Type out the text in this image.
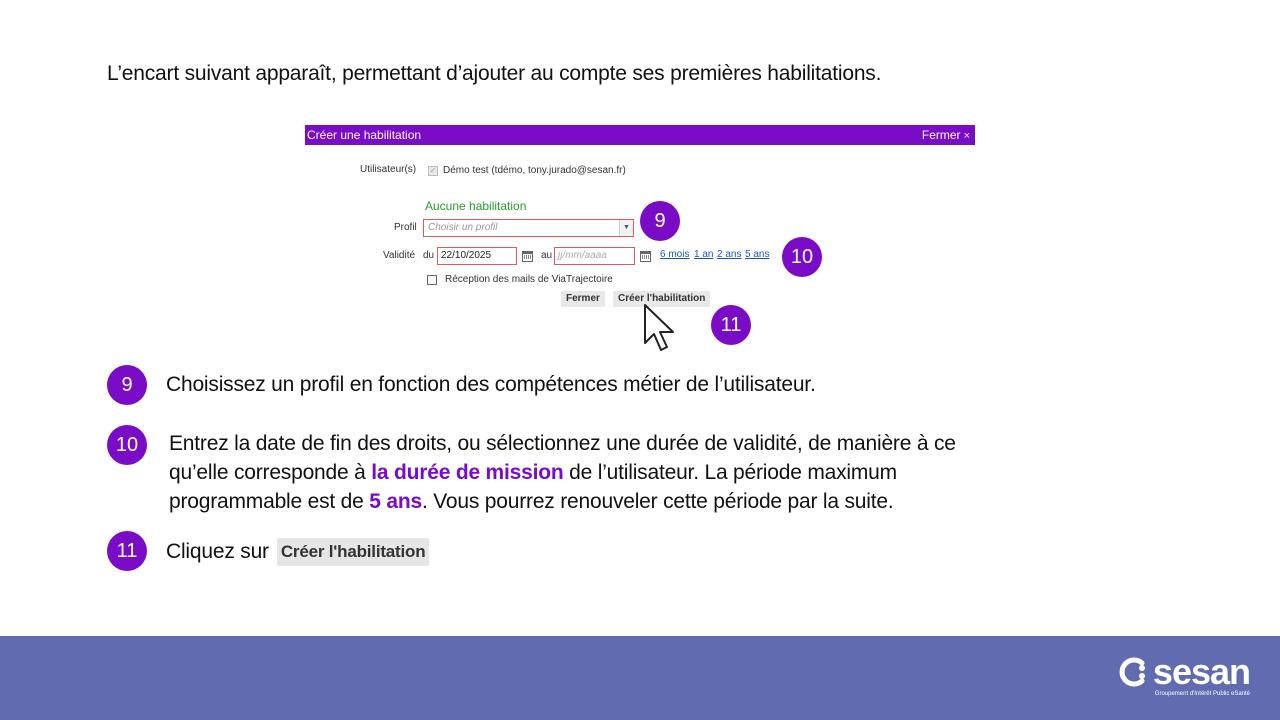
L’encart suivant apparaît, permettant d’ajouter au compte ses premières habilitations.
Créer une habilitation	Fermer ×
Utilisateur(s) ✓ Démo test (tdémo, tony.jurado@sesan.fr)
Aucune habilitation
Profil	Choisir un profil	▼
Validité du 22/10/2025	au jj/mm/aaaa	6 mois 1 an 2 ans 5 ans
Réception des mails de ViaTrajectoire
Fermer	Créer l'habilitation
9
10
11
9	Choisissez un profil en fonction des compétences métier de l’utilisateur.
10	Entrez la date de fin des droits, ou sélectionnez une durée de validité, de manière à ce
qu’elle corresponde à la durée de mission de l’utilisateur. La période maximum
programmable est de 5 ans. Vous pourrez renouveler cette période par la suite.
11	Cliquez sur Créer l'habilitation
sesan
Groupement d'Intérêt Public eSanté
